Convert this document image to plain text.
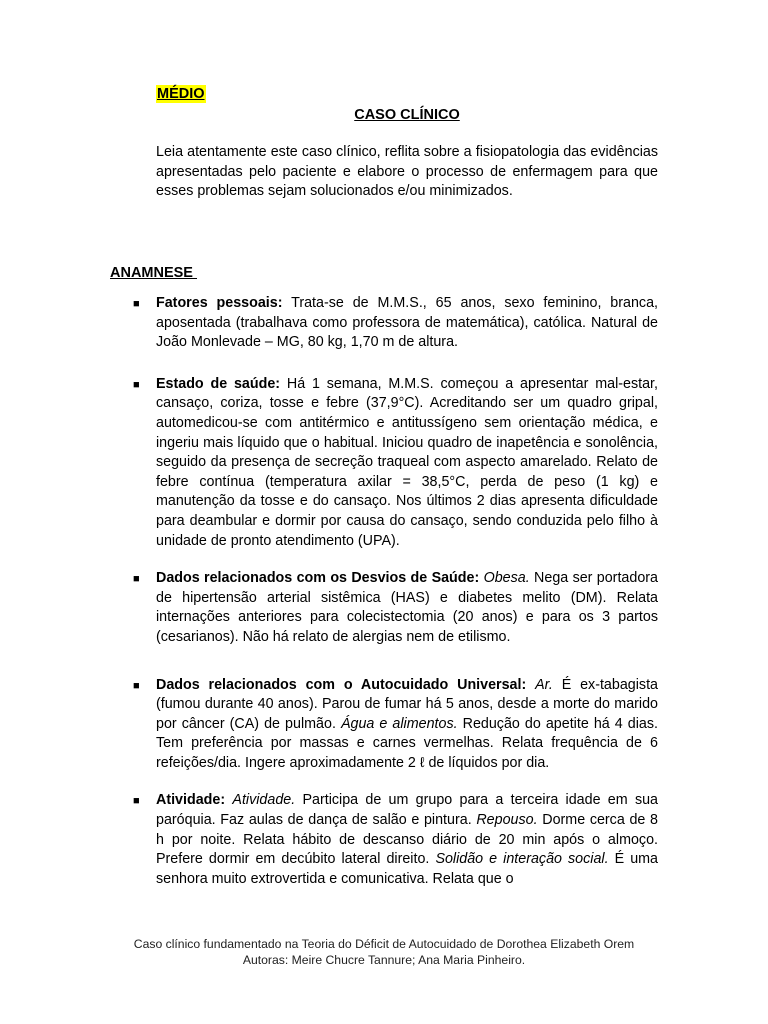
MÉDIO
CASO CLÍNICO

Leia atentamente este caso clínico, reflita sobre a fisiopatologia das evidências apresentadas pelo paciente e elabore o processo de enfermagem para que esses problemas sejam solucionados e/ou minimizados.

ANAMNESE
■ Fatores pessoais: Trata-se de M.M.S., 65 anos, sexo feminino, branca, aposentada (trabalhava como professora de matemática), católica. Natural de João Monlevade – MG, 80 kg, 1,70 m de altura.
■ Estado de saúde: Há 1 semana, M.M.S. começou a apresentar mal-estar, cansaço, coriza, tosse e febre (37,9°C). Acreditando ser um quadro gripal, automedicou-se com antitérmico e antitussígeno sem orientação médica, e ingeriu mais líquido que o habitual. Iniciou quadro de inapetência e sonolência, seguido da presença de secreção traqueal com aspecto amarelado. Relato de febre contínua (temperatura axilar = 38,5°C, perda de peso (1 kg) e manutenção da tosse e do cansaço. Nos últimos 2 dias apresenta dificuldade para deambular e dormir por causa do cansaço, sendo conduzida pelo filho à unidade de pronto atendimento (UPA).
■ Dados relacionados com os Desvios de Saúde: Obesa. Nega ser portadora de hipertensão arterial sistêmica (HAS) e diabetes melito (DM). Relata internações anteriores para colecistectomia (20 anos) e para os 3 partos (cesarianos). Não há relato de alergias nem de etilismo.
■ Dados relacionados com o Autocuidado Universal: Ar. É ex-tabagista (fumou durante 40 anos). Parou de fumar há 5 anos, desde a morte do marido por câncer (CA) de pulmão. Água e alimentos. Redução do apetite há 4 dias. Tem preferência por massas e carnes vermelhas. Relata frequência de 6 refeições/dia. Ingere aproximadamente 2 ℓ de líquidos por dia.
■ Atividade: Atividade. Participa de um grupo para a terceira idade em sua paróquia. Faz aulas de dança de salão e pintura. Repouso. Dorme cerca de 8 h por noite. Relata hábito de descanso diário de 20 min após o almoço. Prefere dormir em decúbito lateral direito. Solidão e interação social. É uma senhora muito extrovertida e comunicativa. Relata que o
Caso clínico fundamentado na Teoria do Déficit de Autocuidado de Dorothea Elizabeth Orem
Autoras: Meire Chucre Tannure; Ana Maria Pinheiro.
